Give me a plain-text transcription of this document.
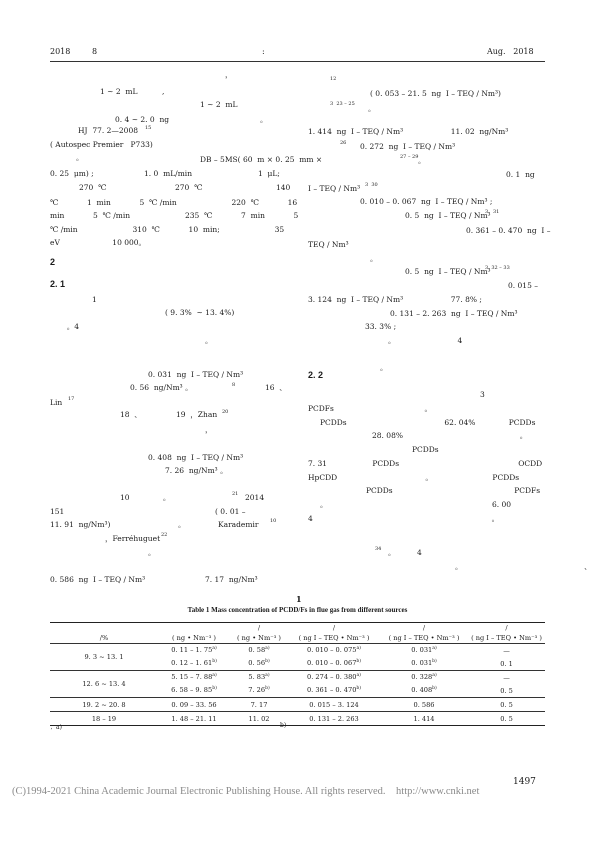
2018	8	:	Aug.   2018
，
1 ~ 2  mL	,
1 ~ 2  mL
0. 4 ~ 2. 0  ng	。
HJ  77. 2—2008 15
( Autospec Premier   P733)
。	DB – 5MS( 60  m × 0. 25  mm ×
0. 25  μm) ;	1. 0  mL/min	1  μL;
270  ℃	270  ℃	140
℃            1  min            5  ℃ /min                       220  ℃            16
min            5  ℃ /min                       235  ℃            7  min            5
℃ /min                       310  ℃            10  min;                       35
eV                      10 000。
1
( 9. 3%  ~ 13. 4%)
。4
。
0. 031  ng  I – TEQ / Nm³
0. 56  ng/Nm³ 。	8	16  、
Lin 17
18  、	19  ，Zhan 20
，
0. 408  ng  I – TEQ / Nm³
7. 26  ng/Nm³ 。
10              。	21 2014
151	( 0. 01 –
11. 91  ng/Nm³)	。	Karademir 10
，Ferréhuguet 22
。
0. 586  ng  I – TEQ / Nm³	7. 17  ng/Nm³
12
( 0. 053 – 21. 5  ng  I – TEQ / Nm³)
3  23 – 25 。
1. 414  ng  I – TEQ / Nm³                    11. 02  ng/Nm³
26 0. 272  ng  I – TEQ / Nm³
27 – 29 。
0. 1  ng
I – TEQ / Nm³ 3  30
0. 010 – 0. 067  ng  I – TEQ / Nm³ ;
0. 5  ng  I – TEQ / Nm³
3   31
0. 361 – 0. 470  ng  I –
TEQ / Nm³
。
0. 5  ng  I – TEQ / Nm³
3  32 – 33
0. 015 –
3. 124  ng  I – TEQ / Nm³                    77. 8% ;
0. 131 – 2. 263  ng  I – TEQ / Nm³
33. 3% ;
。                          4
。
3
PCDFs                                      。
PCDDs                                         62. 04%              PCDDs
28. 08%                                                 。
PCDDs
7. 31                   PCDDs                                                  OCDD
HpCDD                                     。                         PCDDs
PCDDs                                                   PCDFs
。                                                                     6. 00
4                                                                           。
34 。         4
。                                                   、
2
2. 1
2. 2
1
Table 1 Mass concentration of PCDD/Fs in flue gas from different sources
		/	/	/	/
/%	( ng • Nm⁻³ )	( ng • Nm⁻³ )	( ng I – TEQ • Nm⁻³ )	( ng I – TEQ • Nm⁻³ )	( ng I – TEQ • Nm⁻³ )
9. 3 ~ 13. 1	0. 11 – 1. 75$^{a)}$	0. 58$^{a)}$	0. 010 – 0. 075$^{a)}$	0. 031$^{a)}$	—
	0. 12 – 1. 61$^{b)}$	0. 56$^{b)}$	0. 010 – 0. 067$^{b)}$	0. 031$^{b)}$	0. 1
12. 6 ~ 13. 4	5. 15 – 7. 88$^{a)}$	5. 83$^{a)}$	0. 274 – 0. 380$^{a)}$	0. 328$^{a)}$	—
	6. 58 – 9. 85$^{b)}$	7. 26$^{b)}$	0. 361 – 0. 470$^{b)}$	0. 408$^{b)}$	0. 5
19. 2 ~ 20. 8	0. 09 – 33. 56	7. 17	0. 015 – 3. 124	0. 586	0. 5
18 – 19	1. 48 – 21. 11	11. 02	0. 131 – 2. 263	1. 414	0. 5
；a)	b)
1497
(C)1994-2021 China Academic Journal Electronic Publishing House. All rights reserved.    http://www.cnki.net
